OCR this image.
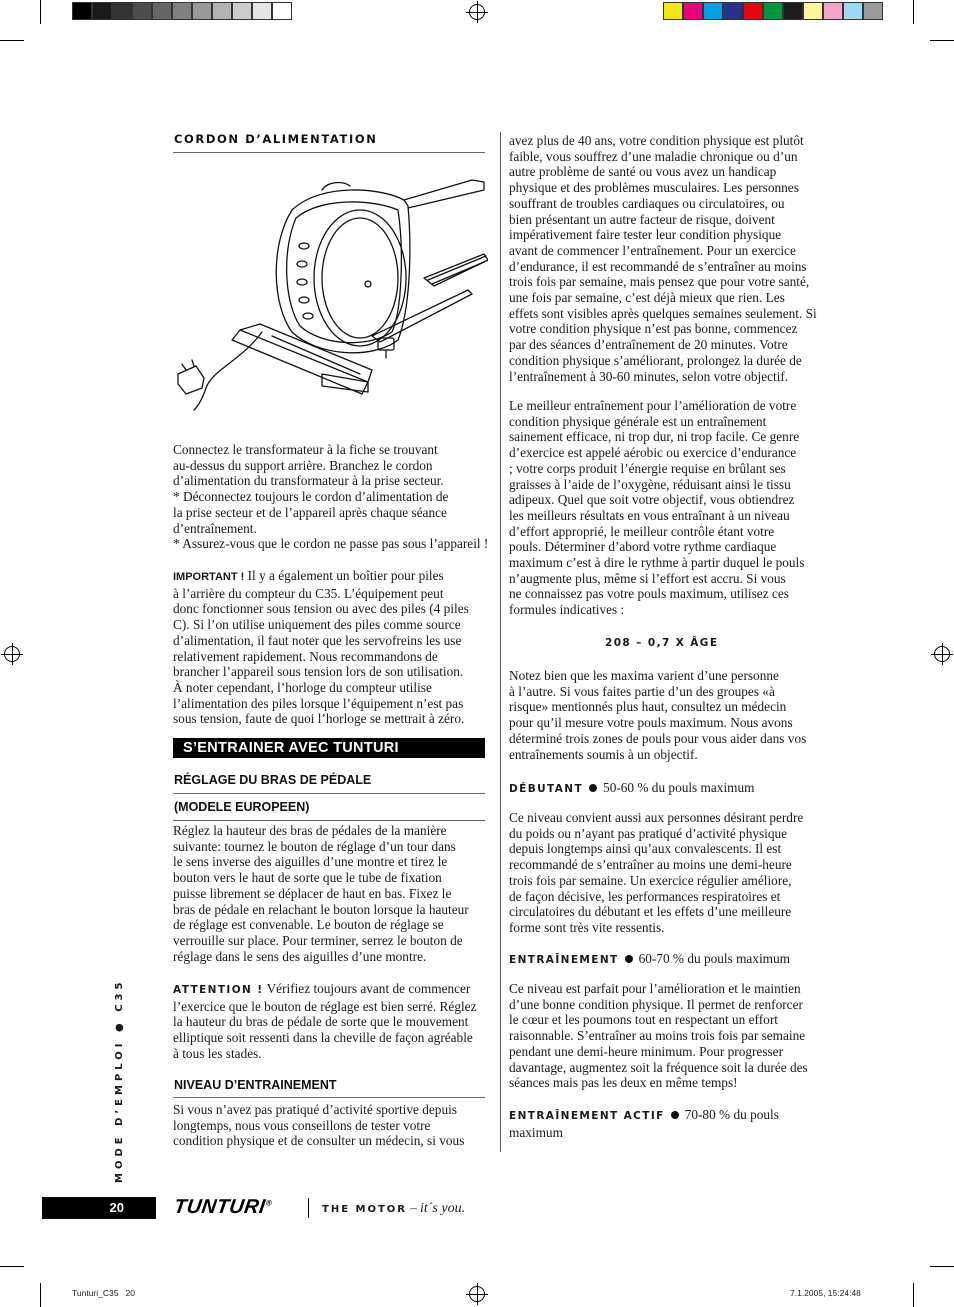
CORDON D’ALIMENTATION
Connectez le transformateur à la fiche se trouvant
au-dessus du support arrière. Branchez le cordon
d’alimentation du transformateur à la prise secteur.
* Déconnectez toujours le cordon d’alimentation de
la prise secteur et de l’appareil après chaque séance
d’entraînement.
* Assurez-vous que le cordon ne passe pas sous l’appareil !

IMPORTANT ! Il y a également un boîtier pour piles

à l’arrière du compteur du C35. L’équipement peut
donc fonctionner sous tension ou avec des piles (4 piles
C). Si l’on utilise uniquement des piles comme source
d’alimentation, il faut noter que les servofreins les use
relativement rapidement. Nous recommandons de
brancher l’appareil sous tension lors de son utilisation.
À noter cependant, l’horloge du compteur utilise
l’alimentation des piles lorsque l’équipement n’est pas
sous tension, faute de quoi l’horloge se mettrait à zéro.
S’ENTRAINER AVEC TUNTURI
RÉGLAGE DU BRAS DE PÉDALE
(MODELE EUROPEEN)
Réglez la hauteur des bras de pédales de la manière
suivante: tournez le bouton de réglage d’un tour dans
le sens inverse des aiguilles d’une montre et tirez le
bouton vers le haut de sorte que le tube de fixation
puisse librement se déplacer de haut en bas. Fixez le
bras de pédale en relachant le bouton lorsque la hauteur
de réglage est convenable. Le bouton de réglage se
verrouille sur place. Pour terminer, serrez le bouton de
réglage dans le sens des aiguilles d’une montre.

ATTENTION ! Vérifiez toujours avant de commencer

l’exercice que le bouton de réglage est bien serré. Réglez
la hauteur du bras de pédale de sorte que le mouvement
elliptique soit ressenti dans la cheville de façon agréable
à tous les stades.
NIVEAU D’ENTRAINEMENT
Si vous n’avez pas pratiqué d’activité sportive depuis
longtemps, nous vous conseillons de tester votre
condition physique et de consulter un médecin, si vous
avez plus de 40 ans, votre condition physique est plutôt
faible, vous souffrez d’une maladie chronique ou d’un
autre problème de santé ou vous avez un handicap
physique et des problèmes musculaires. Les personnes
souffrant de troubles cardiaques ou circulatoires, ou
bien présentant un autre facteur de risque, doivent
impérativement faire tester leur condition physique
avant de commencer l’entraînement. Pour un exercice
d’endurance, il est recommandé de s’entraîner au moins
trois fois par semaine, mais pensez que pour votre santé,
une fois par semaine, c’est déjà mieux que rien. Les
effets sont visibles après quelques semaines seulement. Si
votre condition physique n’est pas bonne, commencez
par des séances d’entraînement de 20 minutes. Votre
condition physique s’améliorant, prolongez la durée de
l’entraînement à 30-60 minutes, selon votre objectif.
Le meilleur entraînement pour l’amélioration de votre
condition physique générale est un entraînement
sainement efficace, ni trop dur, ni trop facile. Ce genre
d’exercice est appelé aérobic ou exercice d’endurance
; votre corps produit l’énergie requise en brûlant ses
graisses à l’aide de l’oxygène, réduisant ainsi le tissu
adipeux. Quel que soit votre objectif, vous obtiendrez
les meilleurs résultats en vous entraînant à un niveau
d’effort approprié, le meilleur contrôle étant votre
pouls. Déterminer d’abord votre rythme cardiaque
maximum c’est à dire le rythme à partir duquel le pouls
n’augmente plus, même si l’effort est accru. Si vous
ne connaissez pas votre pouls maximum, utilisez ces
formules indicatives :
208 – 0,7 X ÂGE
Notez bien que les maxima varient d’une personne
à l’autre. Si vous faites partie d’un des groupes «à
risque» mentionnés plus haut, consultez un médecin
pour qu’il mesure votre pouls maximum. Nous avons
déterminé trois zones de pouls pour vous aider dans vos
entraînements soumis à un objectif.
DÉBUTANT 50-60 % du pouls maximum
Ce niveau convient aussi aux personnes désirant perdre
du poids ou n’ayant pas pratiqué d’activité physique
depuis longtemps ainsi qu’aux convalescents. Il est
recommandé de s’entraîner au moins une demi-heure
trois fois par semaine. Un exercice régulier améliore,
de façon décisive, les performances respiratoires et
circulatoires du débutant et les effets d’une meilleure
forme sont très vite ressentis.
ENTRAÎNEMENT 60-70 % du pouls maximum
Ce niveau est parfait pour l’amélioration et le maintien
d’une bonne condition physique. Il permet de renforcer
le cœur et les poumons tout en respectant un effort
raisonnable. S’entraîner au moins trois fois par semaine
pendant une demi-heure minimum. Pour progresser
davantage, augmentez soit la fréquence soit la durée des
séances mais pas les deux en même temps!
ENTRAÎNEMENT ACTIF 70-80 % du pouls
maximum
MODE D’EMPLOI ● C35
20 TUNTURI®
THE MOTOR – it´s you.
Tunturi_C35   20	7.1.2005, 15:24:48
